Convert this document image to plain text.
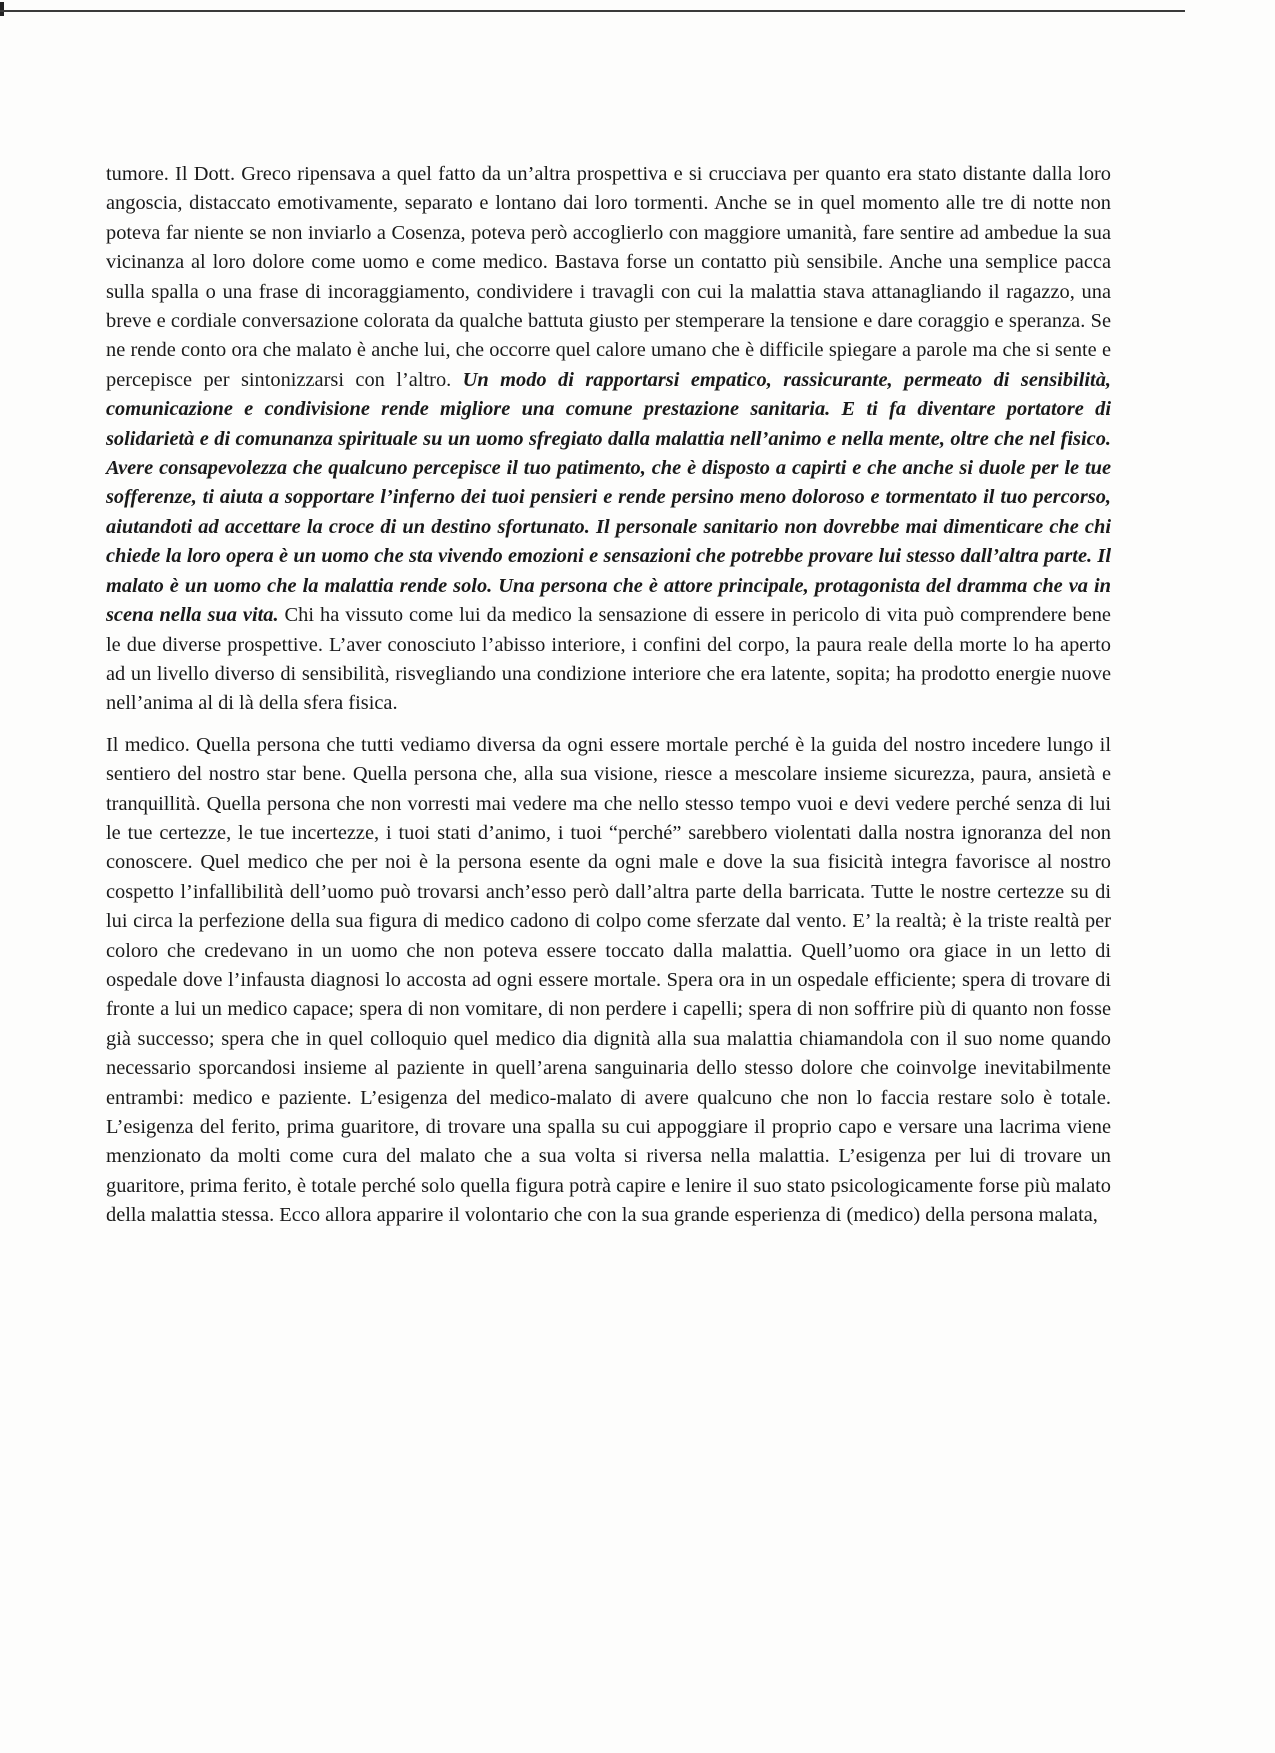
tumore. Il Dott. Greco ripensava a quel fatto da un’altra prospettiva e si crucciava per quanto era stato distante dalla loro angoscia, distaccato emotivamente, separato e lontano dai loro tormenti. Anche se in quel momento alle tre di notte non poteva far niente se non inviarlo a Cosenza, poteva però accoglierlo con maggiore umanità, fare sentire ad ambedue la sua vicinanza al loro dolore come uomo e come medico. Bastava forse un contatto più sensibile. Anche una semplice pacca sulla spalla o una frase di incoraggiamento, condividere i travagli con cui la malattia stava attanagliando il ragazzo, una breve e cordiale conversazione colorata da qualche battuta giusto per stemperare la tensione e dare coraggio e speranza. Se ne rende conto ora che malato è anche lui, che occorre quel calore umano che è difficile spiegare a parole ma che si sente e percepisce per sintonizzarsi con l’altro. Un modo di rapportarsi empatico, rassicurante, permeato di sensibilità, comunicazione e condivisione rende migliore una comune prestazione sanitaria. E ti fa diventare portatore di solidarietà e di comunanza spirituale su un uomo sfregiato dalla malattia nell’animo e nella mente, oltre che nel fisico. Avere consapevolezza che qualcuno percepisce il tuo patimento, che è disposto a capirti e che anche si duole per le tue sofferenze, ti aiuta a sopportare l’inferno dei tuoi pensieri e rende persino meno doloroso e tormentato il tuo percorso, aiutandoti ad accettare la croce di un destino sfortunato. Il personale sanitario non dovrebbe mai dimenticare che chi chiede la loro opera è un uomo che sta vivendo emozioni e sensazioni che potrebbe provare lui stesso dall’altra parte. Il malato è un uomo che la malattia rende solo. Una persona che è attore principale, protagonista del dramma che va in scena nella sua vita. Chi ha vissuto come lui da medico la sensazione di essere in pericolo di vita può comprendere bene le due diverse prospettive. L’aver conosciuto l’abisso interiore, i confini del corpo, la paura reale della morte lo ha aperto ad un livello diverso di sensibilità, risvegliando una condizione interiore che era latente, sopita; ha prodotto energie nuove nell’anima al di là della sfera fisica.

Il medico. Quella persona che tutti vediamo diversa da ogni essere mortale perché è la guida del nostro incedere lungo il sentiero del nostro star bene. Quella persona che, alla sua visione, riesce a mescolare insieme sicurezza, paura, ansietà e tranquillità. Quella persona che non vorresti mai vedere ma che nello stesso tempo vuoi e devi vedere perché senza di lui le tue certezze, le tue incertezze, i tuoi stati d’animo, i tuoi “perché” sarebbero violentati dalla nostra ignoranza del non conoscere. Quel medico che per noi è la persona esente da ogni male e dove la sua fisicità integra favorisce al nostro cospetto l’infallibilità dell’uomo può trovarsi anch’esso però dall’altra parte della barricata. Tutte le nostre certezze su di lui circa la perfezione della sua figura di medico cadono di colpo come sferzate dal vento. E’ la realtà; è la triste realtà per coloro che credevano in un uomo che non poteva essere toccato dalla malattia. Quell’uomo ora giace in un letto di ospedale dove l’infausta diagnosi lo accosta ad ogni essere mortale. Spera ora in un ospedale efficiente; spera di trovare di fronte a lui un medico capace; spera di non vomitare, di non perdere i capelli; spera di non soffrire più di quanto non fosse già successo; spera che in quel colloquio quel medico dia dignità alla sua malattia chiamandola con il suo nome quando necessario sporcandosi insieme al paziente in quell’arena sanguinaria dello stesso dolore che coinvolge inevitabilmente entrambi: medico e paziente. L’esigenza del medico-malato di avere qualcuno che non lo faccia restare solo è totale. L’esigenza del ferito, prima guaritore, di trovare una spalla su cui appoggiare il proprio capo e versare una lacrima viene menzionato da molti come cura del malato che a sua volta si riversa nella malattia. L’esigenza per lui di trovare un guaritore, prima ferito, è totale perché solo quella figura potrà capire e lenire il suo stato psicologicamente forse più malato della malattia stessa. Ecco allora apparire il volontario che con la sua grande esperienza di (medico) della persona malata,
